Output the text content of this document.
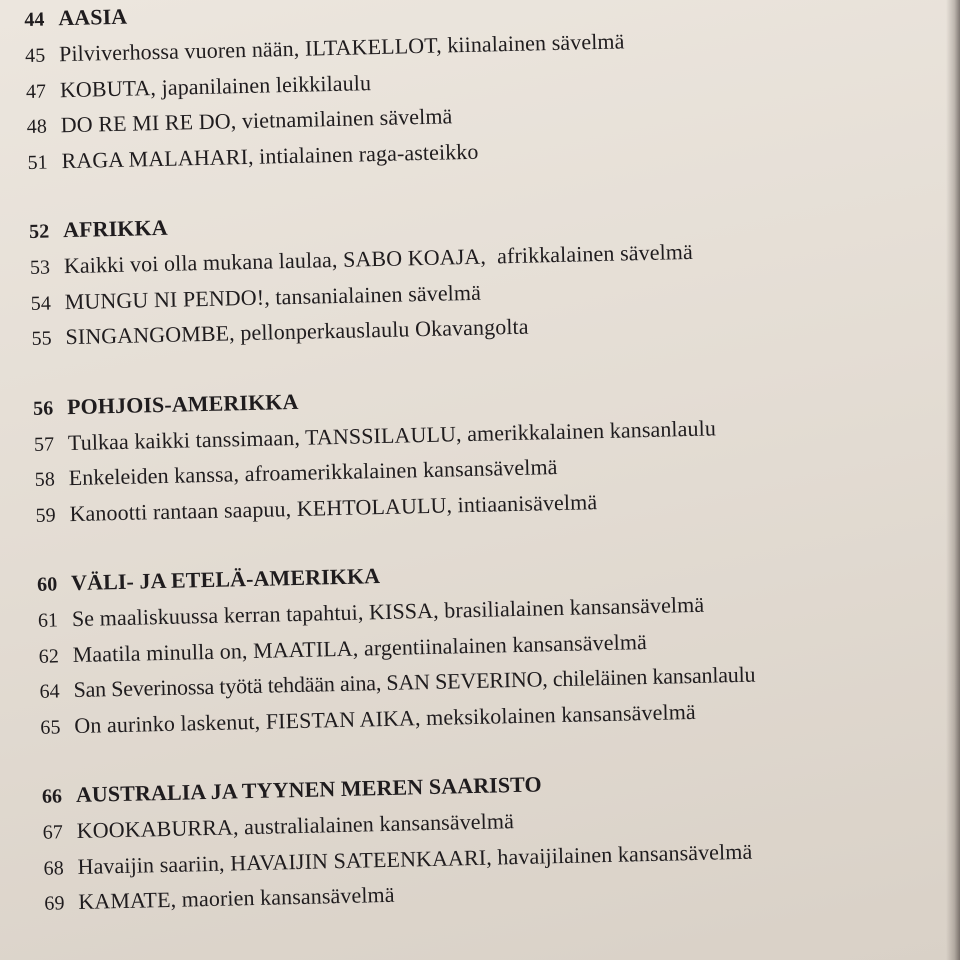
44 AASIA
45 Pilviverhossa vuoren nään, ILTAKELLOT, kiinalainen sävelmä
47 KOBUTA, japanilainen leikkilaulu
48 DO RE MI RE DO, vietnamilainen sävelmä
51 RAGA MALAHARI, intialainen raga-asteikko
52 AFRIKKA
53 Kaikki voi olla mukana laulaa, SABO KOAJA,  afrikkalainen sävelmä
54 MUNGU NI PENDO!, tansanialainen sävelmä
55 SINGANGOMBE, pellonperkauslaulu Okavangolta
56 POHJOIS-AMERIKKA
57 Tulkaa kaikki tanssimaan, TANSSILAULU, amerikkalainen kansanlaulu
58 Enkeleiden kanssa, afroamerikkalainen kansansävelmä
59 Kanootti rantaan saapuu, KEHTOLAULU, intiaanisävelmä
60 VÄLI- JA ETELÄ-AMERIKKA
61 Se maaliskuussa kerran tapahtui, KISSA, brasilialainen kansansävelmä
62 Maatila minulla on, MAATILA, argentiinalainen kansansävelmä
64 San Severinossa työtä tehdään aina, SAN SEVERINO, chileläinen kansanlaulu
65 On aurinko laskenut, FIESTAN AIKA, meksikolainen kansansävelmä
66 AUSTRALIA JA TYYNEN MEREN SAARISTO
67 KOOKABURRA, australialainen kansansävelmä
68 Havaijin saariin, HAVAIJIN SATEENKAARI, havaijilainen kansansävelmä
69 KAMATE, maorien kansansävelmä
